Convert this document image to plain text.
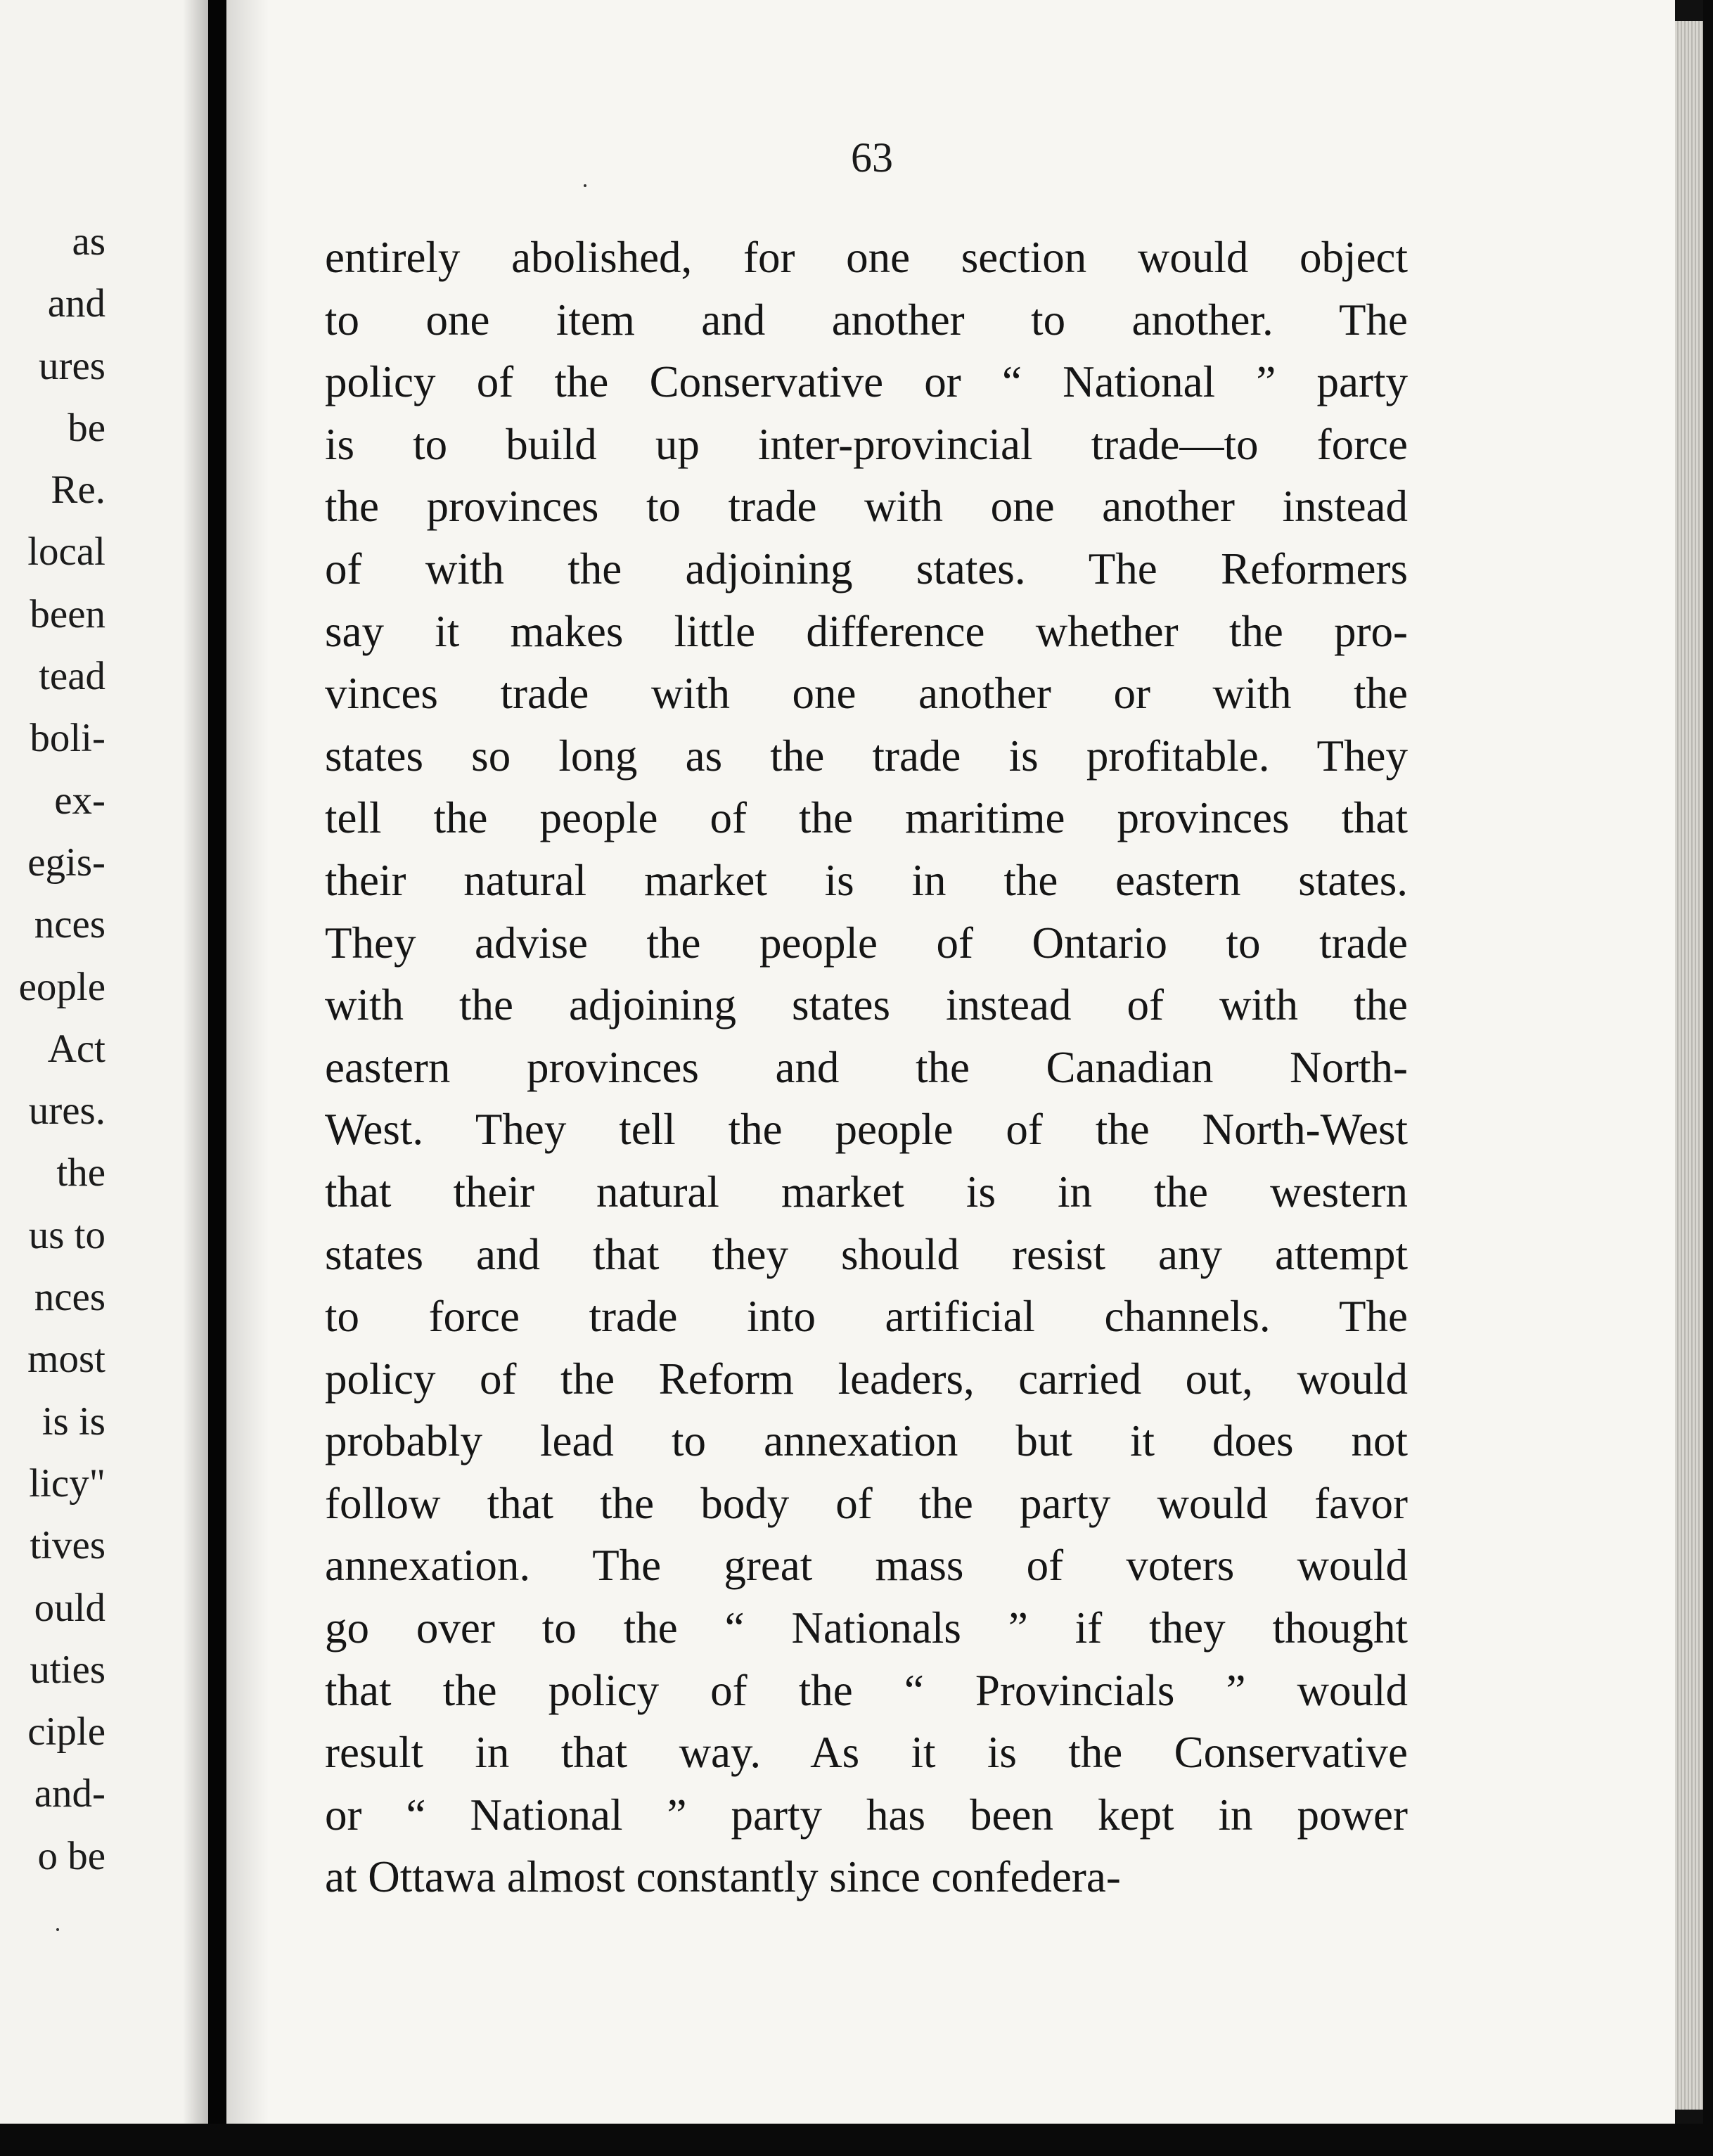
as
and
ures
be
Re.
local
been
tead
boli-
ex-
egis-
nces
eople
Act
ures.
the
us to
nces
most
is is
licy"
tives
ould
uties
ciple
and-
o be
63
entirely abolished, for one section would object
to one item and another to another. The
policy of the Conservative or “ National ” party
is to build up inter-provincial trade—to force
the provinces to trade with one another instead
of with the adjoining states. The Reformers
say it makes little difference whether the pro-
vinces trade with one another or with the
states so long as the trade is profitable. They
tell the people of the maritime provinces that
their natural market is in the eastern states.
They advise the people of Ontario to trade
with the adjoining states instead of with the
eastern provinces and the Canadian North-
West. They tell the people of the North-West
that their natural market is in the western
states and that they should resist any attempt
to force trade into artificial channels. The
policy of the Reform leaders, carried out, would
probably lead to annexation but it does not
follow that the body of the party would favor
annexation. The great mass of voters would
go over to the “ Nationals ” if they thought
that the policy of the “ Provincials ” would
result in that way. As it is the Conservative
or “ National ” party has been kept in power
at Ottawa almost constantly since confedera-
